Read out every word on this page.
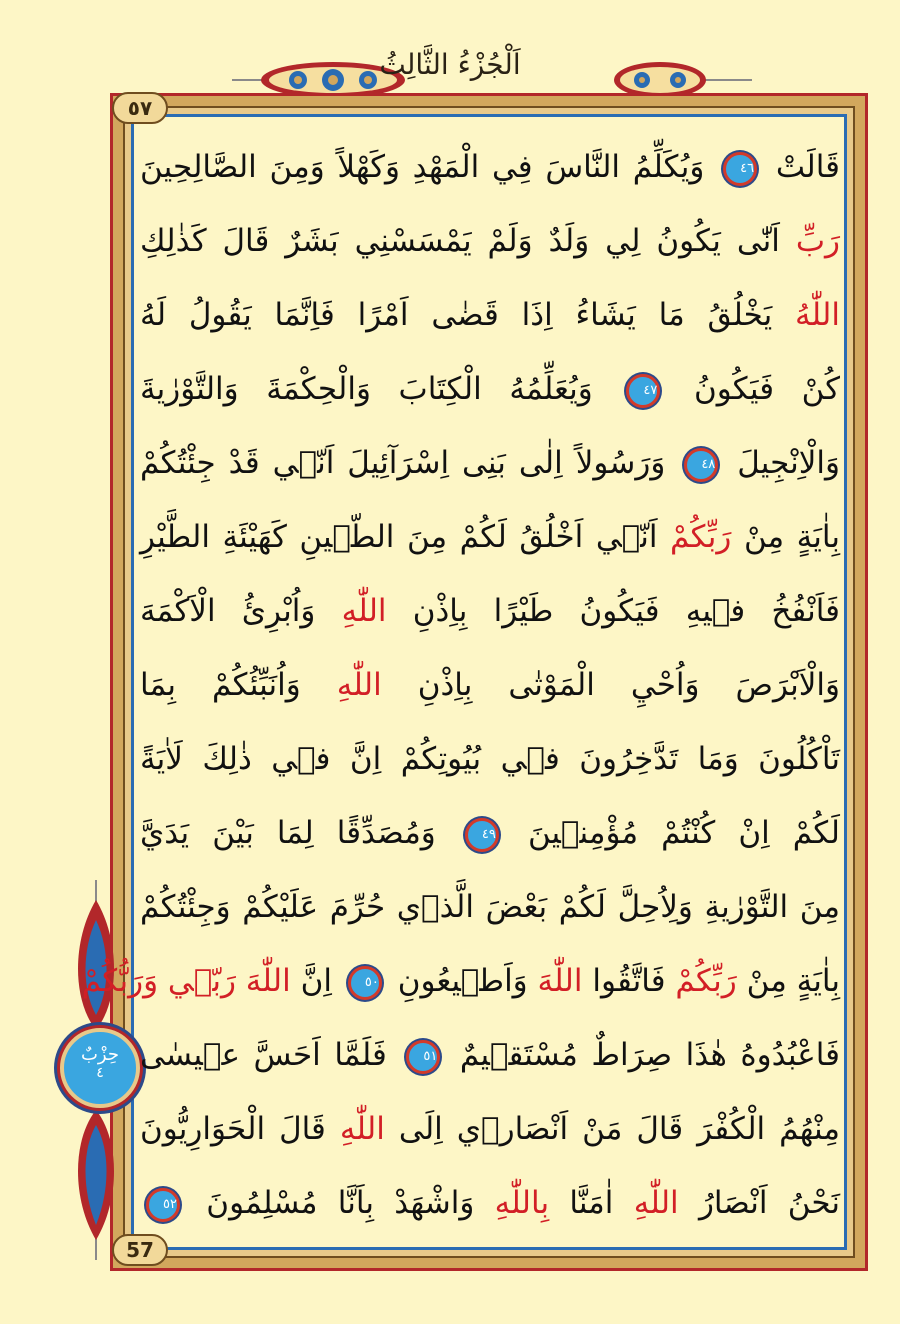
اَلْجُزْءُ الثَّالِثُ
٥٧
57
حِزْبٌ
٤
قَالَتْ ٤٦ وَيُكَلِّمُ النَّاسَ فِي الْمَهْدِ وَكَهْلاً وَمِنَ الصَّالِحِينَ
رَبِّ اَنّٰى يَكُونُ لِي وَلَدٌ وَلَمْ يَمْسَسْنِي بَشَرٌ قَالَ كَذٰلِكِ
اللّٰهُ يَخْلُقُ مَا يَشَاءُ اِذَا قَضٰى اَمْرًا فَاِنَّمَا يَقُولُ لَهُ
كُنْ فَيَكُونُ ٤٧ وَيُعَلِّمُهُ الْكِتَابَ وَالْحِكْمَةَ وَالتَّوْرٰيةَ
وَالْاِنْجِيلَ ٤٨ وَرَسُولاً اِلٰى بَنِى اِسْرَآئِيلَ اَنّ۪ي قَدْ جِئْتُكُمْ
بِاٰيَةٍ مِنْ رَبِّكُمْ اَنّ۪ي اَخْلُقُ لَكُمْ مِنَ الطّ۪ينِ كَهَيْئَةِ الطَّيْرِ
فَاَنْفُخُ ف۪يهِ فَيَكُونُ طَيْرًا بِاِذْنِ اللّٰهِ وَاُبْرِئُ الْاَكْمَهَ
وَالْاَبْرَصَ وَاُحْيِ الْمَوْتٰى بِاِذْنِ اللّٰهِ وَاُنَبِّئُكُمْ بِمَا
تَاْكُلُونَ وَمَا تَدَّخِرُونَ ف۪ي بُيُوتِكُمْ اِنَّ ف۪ي ذٰلِكَ لَاٰيَةً
لَكُمْ اِنْ كُنْتُمْ مُؤْمِن۪ينَ ٤٩ وَمُصَدِّقًا لِمَا بَيْنَ يَدَيَّ
مِنَ التَّوْرٰيةِ وَلِاُحِلَّ لَكُمْ بَعْضَ الَّذ۪ي حُرِّمَ عَلَيْكُمْ وَجِئْتُكُمْ
بِاٰيَةٍ مِنْ رَبِّكُمْ فَاتَّقُوا اللّٰهَ وَاَط۪يعُونِ ٥٠ اِنَّ اللّٰهَ رَبّ۪ي وَرَبُّكُمْ
فَاعْبُدُوهُ هٰذَا صِرَاطٌ مُسْتَق۪يمٌ ٥١ فَلَمَّا اَحَسَّ ع۪يسٰى
مِنْهُمُ الْكُفْرَ قَالَ مَنْ اَنْصَار۪ي اِلَى اللّٰهِ قَالَ الْحَوَارِيُّونَ
نَحْنُ اَنْصَارُ اللّٰهِ اٰمَنَّا بِاللّٰهِ وَاشْهَدْ بِاَنَّا مُسْلِمُونَ ٥٢
